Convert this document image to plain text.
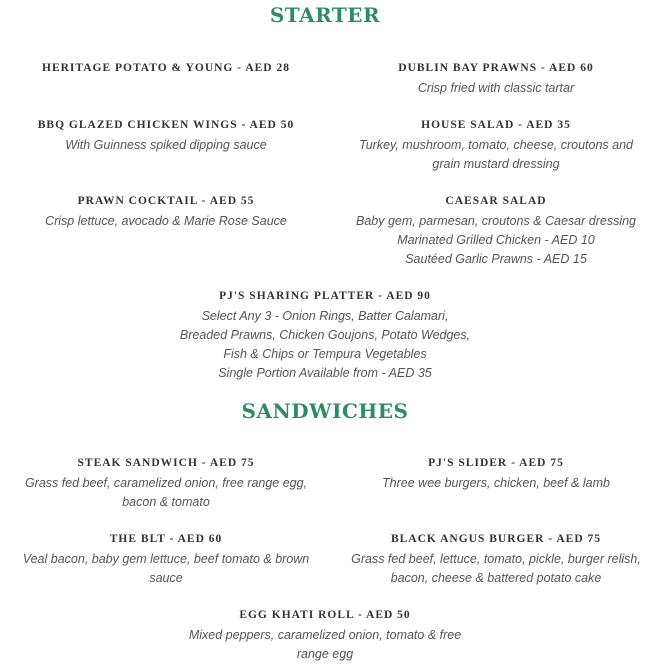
STARTER
HERITAGE POTATO & YOUNG - AED 28	DUBLIN BAY PRAWNS - AED 60
Crisp fried with classic tartar
BBQ GLAZED CHICKEN WINGS - AED 50
With Guinness spiked dipping sauce
HOUSE SALAD - AED 35
Turkey, mushroom, tomato, cheese, croutons and
grain mustard dressing
PRAWN COCKTAIL - AED 55
Crisp lettuce, avocado & Marie Rose Sauce
CAESAR SALAD
Baby gem, parmesan, croutons & Caesar dressing
Marinated Grilled Chicken - AED 10
Sautéed Garlic Prawns - AED 15
PJ'S SHARING PLATTER - AED 90
Select Any 3 - Onion Rings, Batter Calamari,
Breaded Prawns, Chicken Goujons, Potato Wedges,
Fish & Chips or Tempura Vegetables
Single Portion Available from - AED 35
SANDWICHES
STEAK SANDWICH - AED 75
Grass fed beef, caramelized onion, free range egg,
bacon & tomato
PJ'S SLIDER - AED 75
Three wee burgers, chicken, beef & lamb
THE BLT - AED 60
Veal bacon, baby gem lettuce, beef tomato & brown
sauce
BLACK ANGUS BURGER - AED 75
Grass fed beef, lettuce, tomato, pickle, burger relish,
bacon, cheese & battered potato cake
EGG KHATI ROLL - AED 50
Mixed peppers, caramelized onion, tomato & free
range egg
